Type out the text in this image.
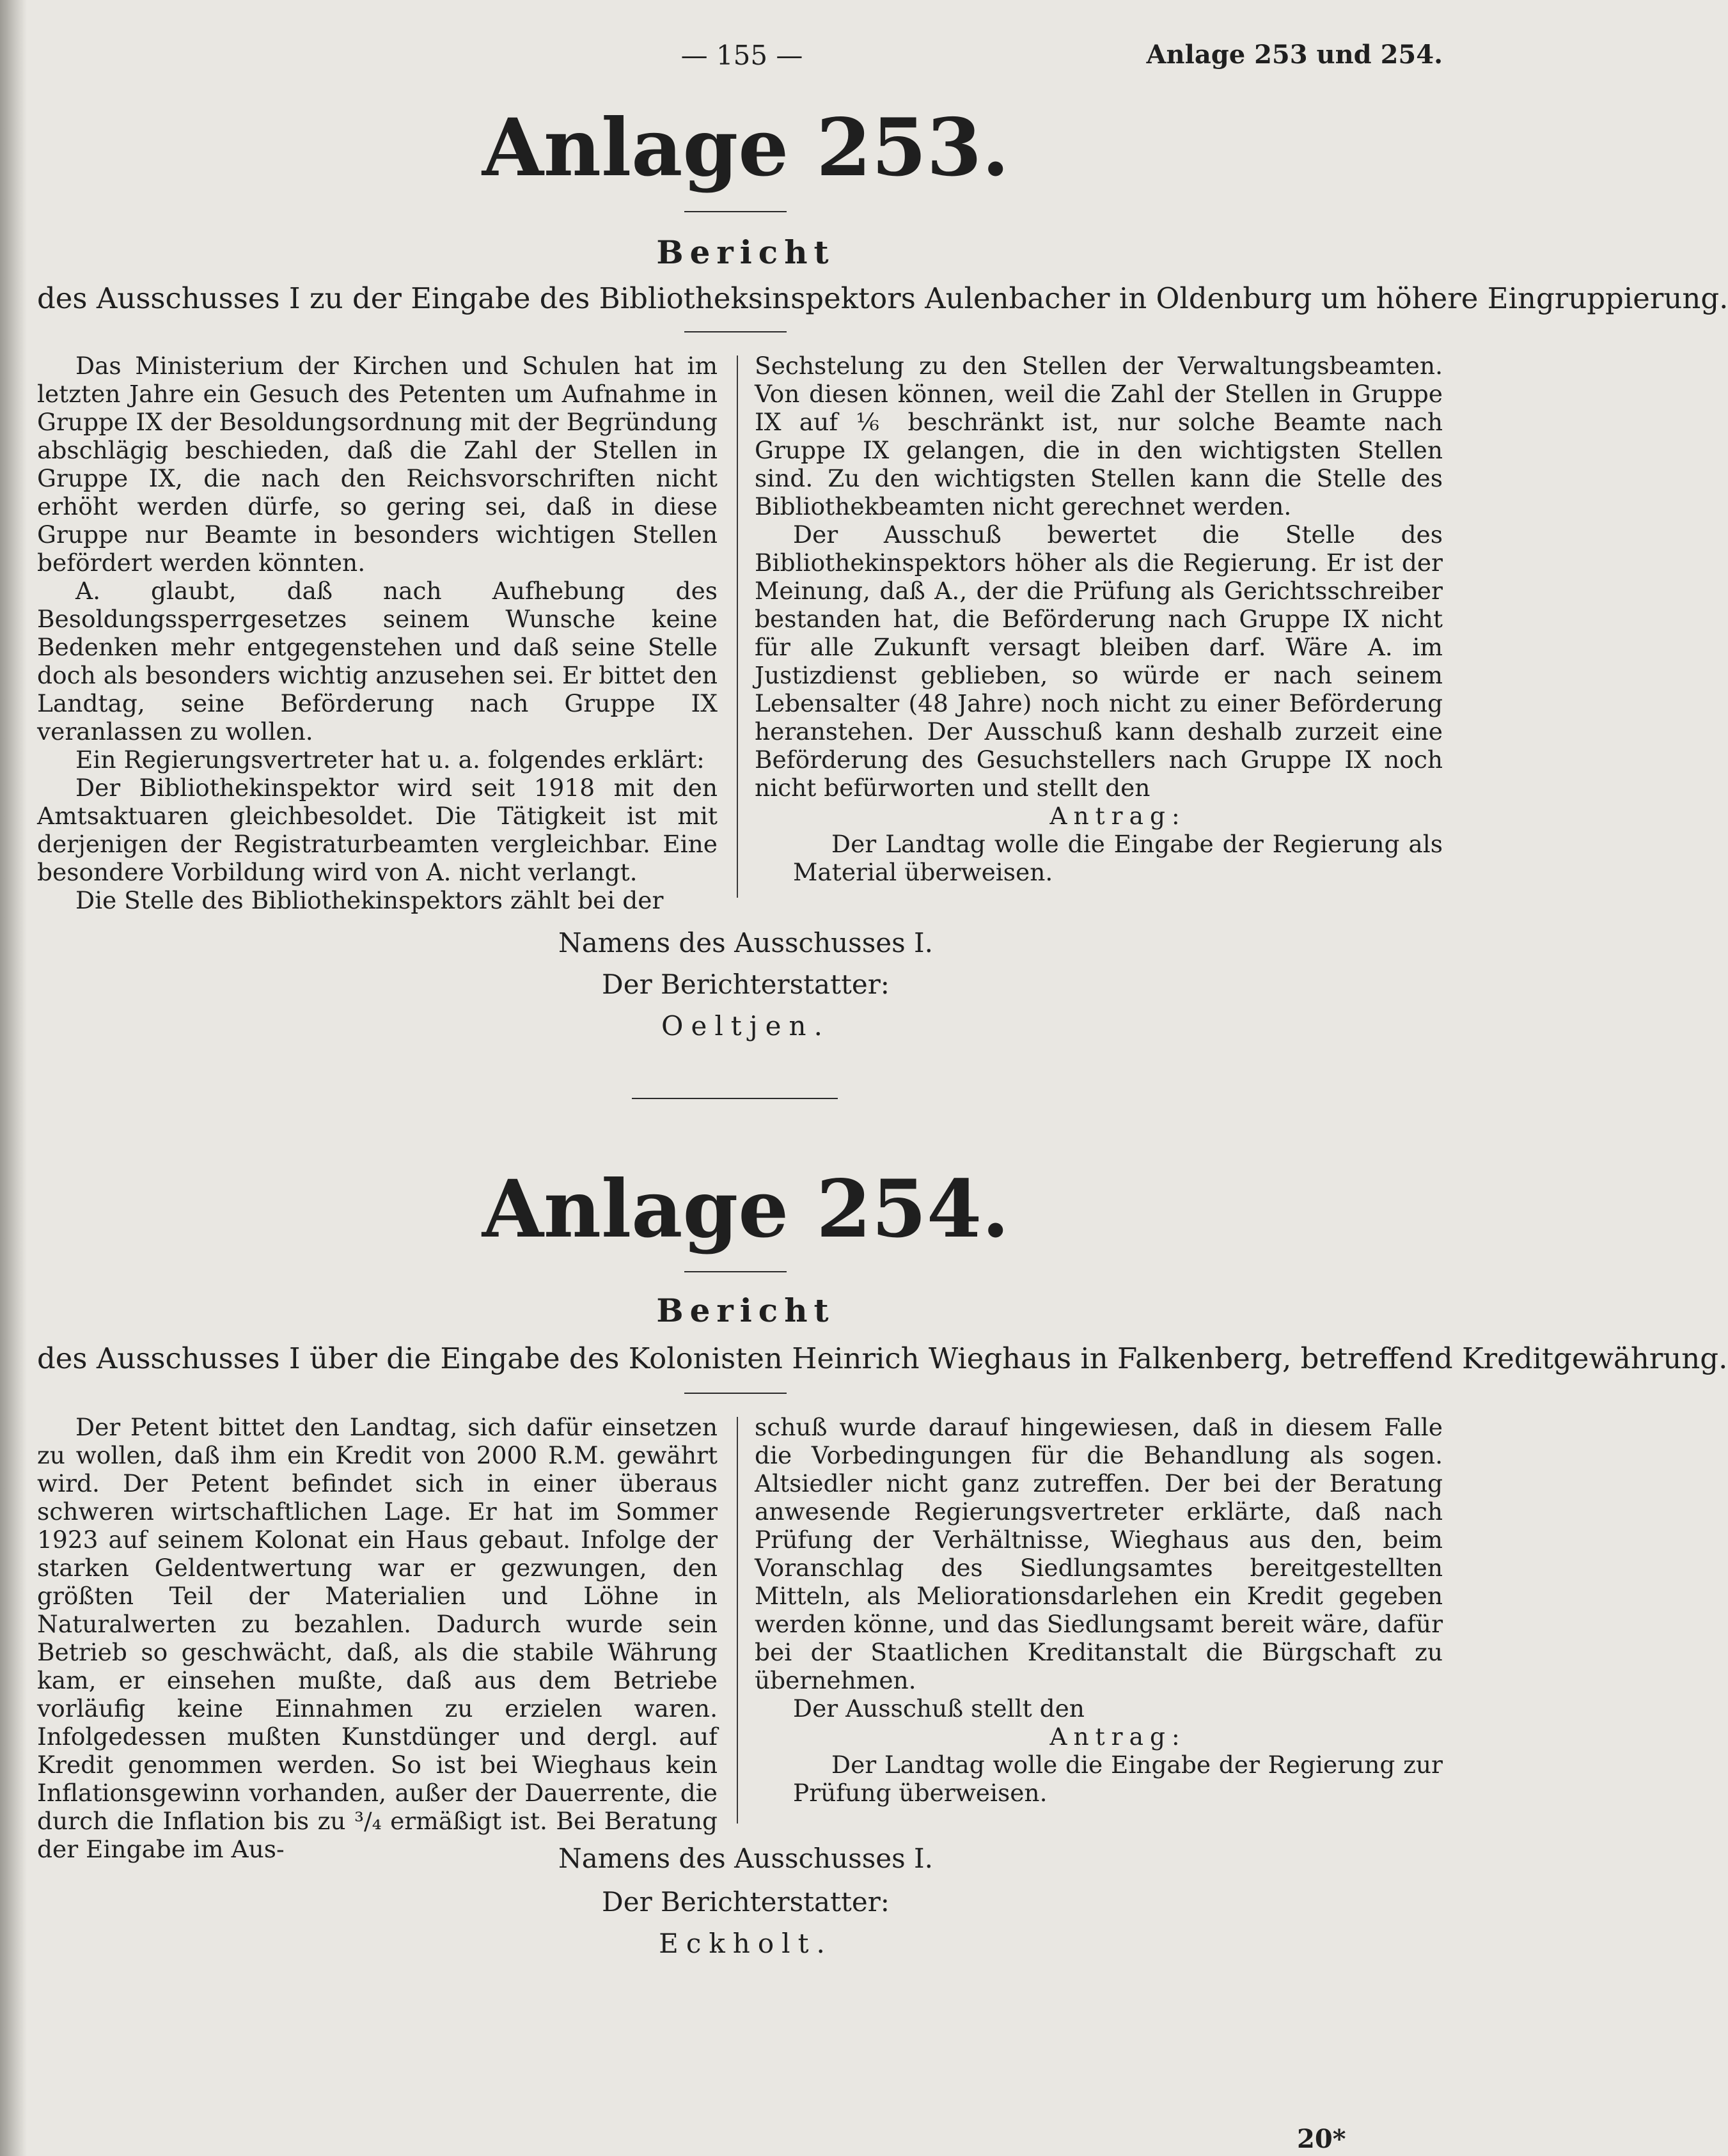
— 155 —	Anlage 253 und 254.
Anlage 253.
Bericht
des Ausschusses I zu der Eingabe des Bibliotheksinspektors Aulenbacher in Oldenburg um höhere Eingruppierung.

Das Ministerium der Kirchen und Schulen hat im letzten Jahre ein Gesuch des Petenten um Aufnahme in Gruppe IX der Besoldungsordnung mit der Begründung abschlägig beschieden, daß die Zahl der Stellen in Gruppe IX, die nach den Reichsvorschriften nicht erhöht werden dürfe, so gering sei, daß in diese Gruppe nur Beamte in besonders wichtigen Stellen befördert werden könnten.

A. glaubt, daß nach Aufhebung des Besoldungssperrgesetzes seinem Wunsche keine Bedenken mehr entgegenstehen und daß seine Stelle doch als besonders wichtig anzusehen sei. Er bittet den Landtag, seine Beförderung nach Gruppe IX veranlassen zu wollen.

Ein Regierungsvertreter hat u. a. folgendes erklärt:

Der Bibliothekinspektor wird seit 1918 mit den Amtsaktuaren gleichbesoldet. Die Tätigkeit ist mit derjenigen der Registraturbeamten vergleichbar. Eine besondere Vorbildung wird von A. nicht verlangt.

Die Stelle des Bibliothekinspektors zählt bei der

Sechstelung zu den Stellen der Verwaltungsbeamten. Von diesen können, weil die Zahl der Stellen in Gruppe IX auf ⅙ beschränkt ist, nur solche Beamte nach Gruppe IX gelangen, die in den wichtigsten Stellen sind. Zu den wichtigsten Stellen kann die Stelle des Bibliothekbeamten nicht gerechnet werden.

Der Ausschuß bewertet die Stelle des Bibliothekinspektors höher als die Regierung. Er ist der Meinung, daß A., der die Prüfung als Gerichtsschreiber bestanden hat, die Beförderung nach Gruppe IX nicht für alle Zukunft versagt bleiben darf. Wäre A. im Justizdienst geblieben, so würde er nach seinem Lebensalter (48 Jahre) noch nicht zu einer Beförderung heranstehen. Der Ausschuß kann deshalb zurzeit eine Beförderung des Gesuchstellers nach Gruppe IX noch nicht befürworten und stellt den

Antrag:

Der Landtag wolle die Eingabe der Regierung als Material überweisen.

Namens des Ausschusses I.
Der Berichterstatter:
Oeltjen.
Anlage 254.
Bericht
des Ausschusses I über die Eingabe des Kolonisten Heinrich Wieghaus in Falkenberg, betreffend Kreditgewährung.

Der Petent bittet den Landtag, sich dafür einsetzen zu wollen, daß ihm ein Kredit von 2000 R.M. gewährt wird. Der Petent befindet sich in einer überaus schweren wirtschaftlichen Lage. Er hat im Sommer 1923 auf seinem Kolonat ein Haus gebaut. Infolge der starken Geldentwertung war er gezwungen, den größten Teil der Materialien und Löhne in Naturalwerten zu bezahlen. Dadurch wurde sein Betrieb so geschwächt, daß, als die stabile Währung kam, er einsehen mußte, daß aus dem Betriebe vorläufig keine Einnahmen zu erzielen waren. Infolgedessen mußten Kunstdünger und dergl. auf Kredit genommen werden. So ist bei Wieghaus kein Inflationsgewinn vorhanden, außer der Dauerrente, die durch die Inflation bis zu ³/₄ ermäßigt ist. Bei Beratung der Eingabe im Aus-

schuß wurde darauf hingewiesen, daß in diesem Falle die Vorbedingungen für die Behandlung als sogen. Altsiedler nicht ganz zutreffen. Der bei der Beratung anwesende Regierungsvertreter erklärte, daß nach Prüfung der Verhältnisse, Wieghaus aus den, beim Voranschlag des Siedlungsamtes bereitgestellten Mitteln, als Meliorationsdarlehen ein Kredit gegeben werden könne, und das Siedlungsamt bereit wäre, dafür bei der Staatlichen Kreditanstalt die Bürgschaft zu übernehmen.

Der Ausschuß stellt den

Antrag:

Der Landtag wolle die Eingabe der Regierung zur Prüfung überweisen.

Namens des Ausschusses I.
Der Berichterstatter:
Eckholt.
20*
